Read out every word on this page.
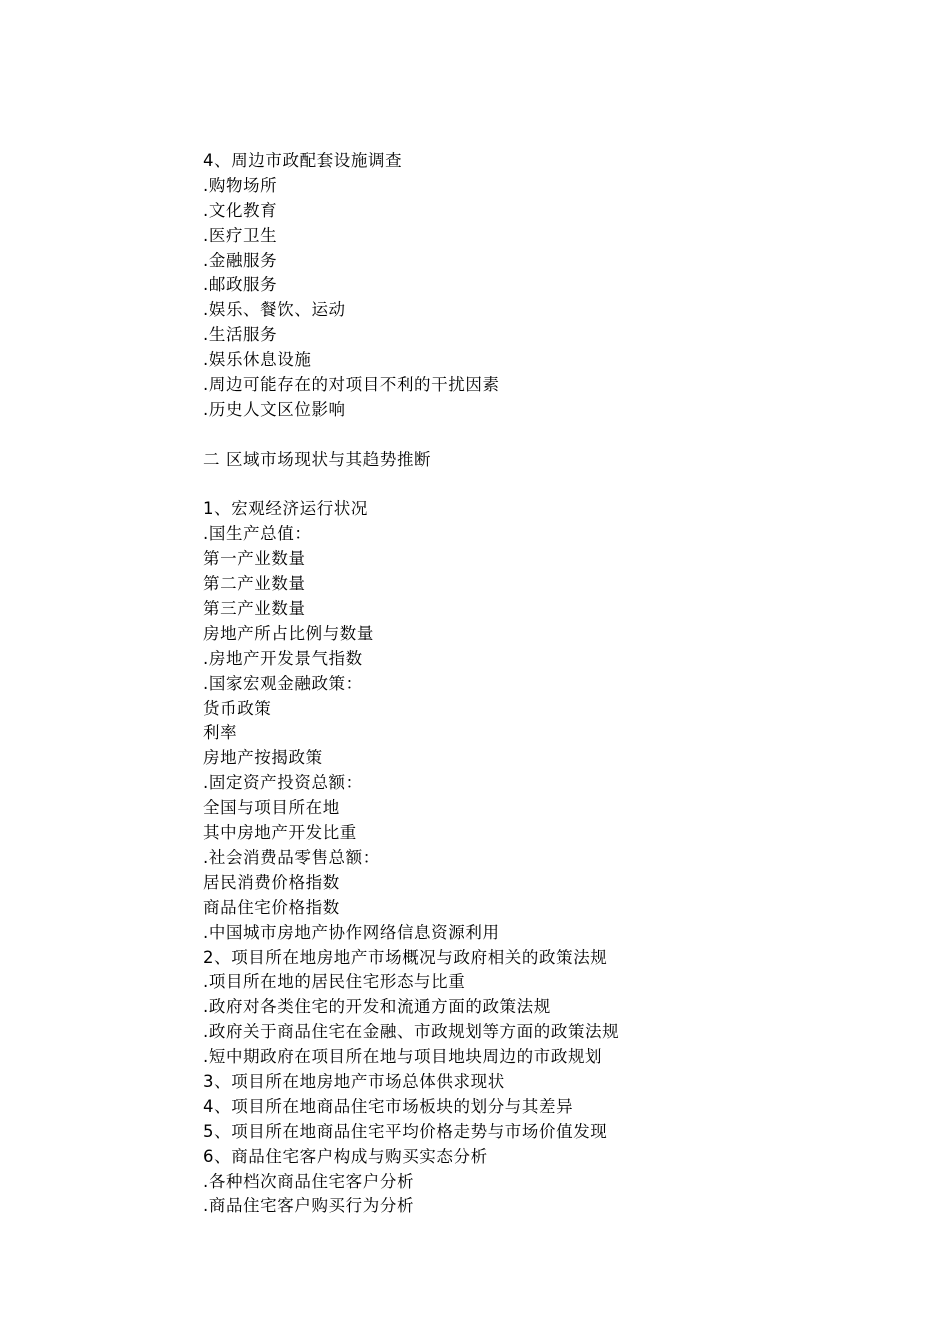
4、周边市政配套设施调查
.购物场所
.文化教育
.医疗卫生
.金融服务
.邮政服务
.娱乐、餐饮、运动
.生活服务
.娱乐休息设施
.周边可能存在的对项目不利的干扰因素
.历史人文区位影响
二 区域市场现状与其趋势推断
1、宏观经济运行状况
.国生产总值：
第一产业数量
第二产业数量
第三产业数量
房地产所占比例与数量
.房地产开发景气指数
.国家宏观金融政策：
货币政策
利率
房地产按揭政策
.固定资产投资总额：
全国与项目所在地
其中房地产开发比重
.社会消费品零售总额：
居民消费价格指数
商品住宅价格指数
.中国城市房地产协作网络信息资源利用
2、项目所在地房地产市场概况与政府相关的政策法规
.项目所在地的居民住宅形态与比重
.政府对各类住宅的开发和流通方面的政策法规
.政府关于商品住宅在金融、市政规划等方面的政策法规
.短中期政府在项目所在地与项目地块周边的市政规划
3、项目所在地房地产市场总体供求现状
4、项目所在地商品住宅市场板块的划分与其差异
5、项目所在地商品住宅平均价格走势与市场价值发现
6、商品住宅客户构成与购买实态分析
.各种档次商品住宅客户分析
.商品住宅客户购买行为分析
